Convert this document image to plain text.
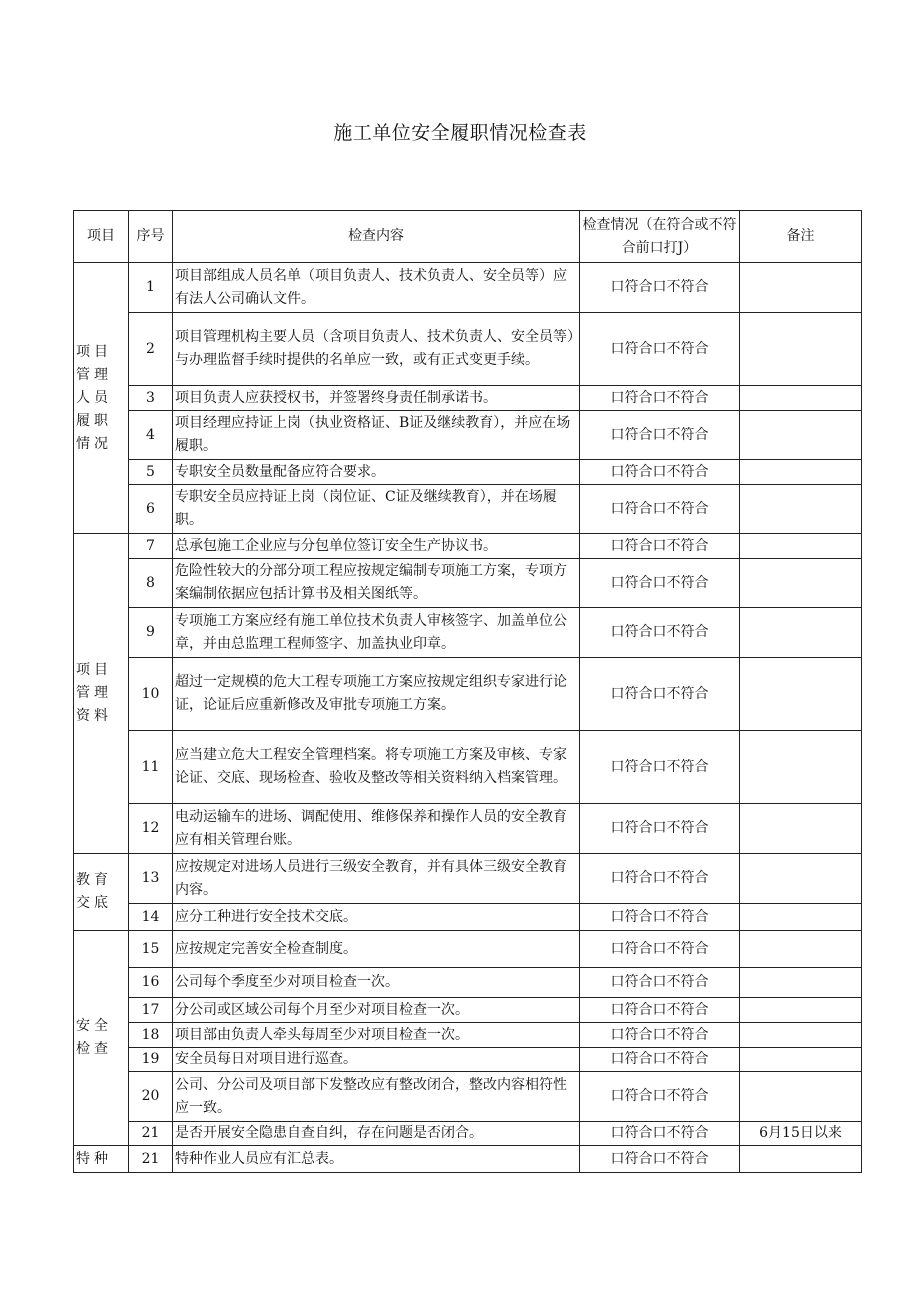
施工单位安全履职情况检查表
项目	序号	检查内容	检查情况（在符合或不符合前口打J）	备注
项目管理人员履职情况	1	项目部组成人员名单（项目负责人、技术负责人、安全员等）应有法人公司确认文件。	口符合口不符合	
	2	项目管理机构主要人员（含项目负责人、技术负责人、安全员等）与办理监督手续时提供的名单应一致，或有正式变更手续。	口符合口不符合	
	3	项目负责人应获授权书，并签署终身责任制承诺书。	口符合口不符合	
	4	项目经理应持证上岗（执业资格证、B证及继续教育），并应在场履职。	口符合口不符合	
	5	专职安全员数量配备应符合要求。	口符合口不符合	
	6	专职安全员应持证上岗（岗位证、C证及继续教育），并在场履职。	口符合口不符合	
项目管理资料	7	总承包施工企业应与分包单位签订安全生产协议书。	口符合口不符合	
	8	危险性较大的分部分项工程应按规定编制专项施工方案，专项方案编制依据应包括计算书及相关图纸等。	口符合口不符合	
	9	专项施工方案应经有施工单位技术负责人审核签字、加盖单位公章，并由总监理工程师签字、加盖执业印章。	口符合口不符合	
	10	超过一定规模的危大工程专项施工方案应按规定组织专家进行论证，论证后应重新修改及审批专项施工方案。	口符合口不符合	
	11	应当建立危大工程安全管理档案。将专项施工方案及审核、专家论证、交底、现场检查、验收及整改等相关资料纳入档案管理。	口符合口不符合	
	12	电动运输车的进场、调配使用、维修保养和操作人员的安全教育应有相关管理台账。	口符合口不符合	
教育交底	13	应按规定对进场人员进行三级安全教育，并有具体三级安全教育内容。	口符合口不符合	
	14	应分工种进行安全技术交底。	口符合口不符合	
安全检查	15	应按规定完善安全检查制度。	口符合口不符合	
	16	公司每个季度至少对项目检查一次。	口符合口不符合	
	17	分公司或区域公司每个月至少对项目检查一次。	口符合口不符合	
	18	项目部由负责人牵头每周至少对项目检查一次。	口符合口不符合	
	19	安全员每日对项目进行巡查。	口符合口不符合	
	20	公司、分公司及项目部下发整改应有整改闭合，整改内容相符性应一致。	口符合口不符合	
	21	是否开展安全隐患自查自纠，存在问题是否闭合。	口符合口不符合	6月15日以来
特种	21	特种作业人员应有汇总表。	口符合口不符合	
